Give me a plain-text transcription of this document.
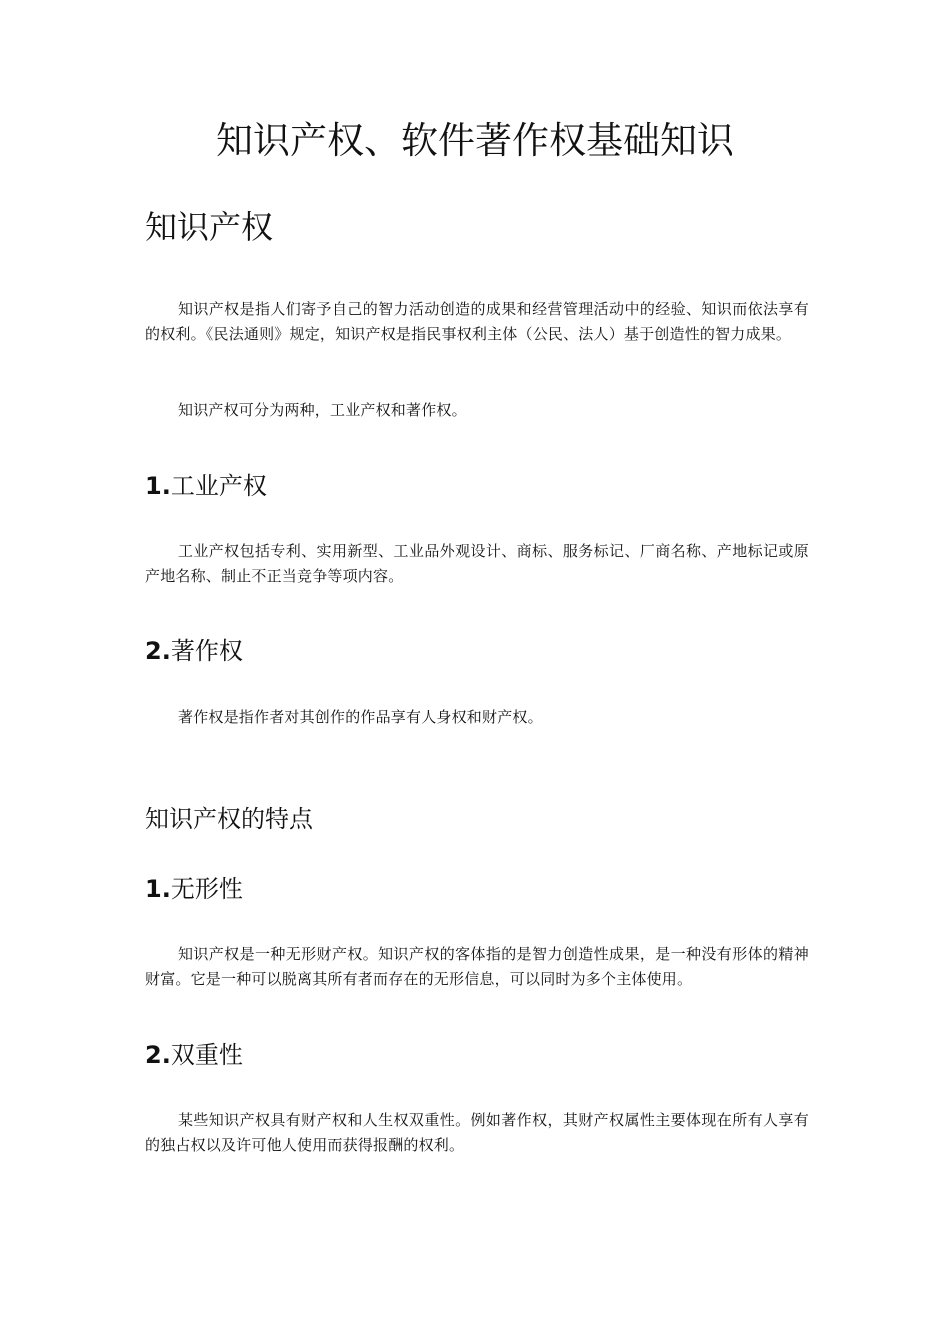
知识产权、软件著作权基础知识
知识产权

知识产权是指人们寄予自己的智力活动创造的成果和经营管理活动中的经验、知识而依法享有的权利。《民法通则》规定，知识产权是指民事权利主体（公民、法人）基于创造性的智力成果。

知识产权可分为两种，工业产权和著作权。

1.工业产权

工业产权包括专利、实用新型、工业品外观设计、商标、服务标记、厂商名称、产地标记或原产地名称、制止不正当竞争等项内容。

2.著作权

著作权是指作者对其创作的作品享有人身权和财产权。

知识产权的特点
1.无形性

知识产权是一种无形财产权。知识产权的客体指的是智力创造性成果，是一种没有形体的精神财富。它是一种可以脱离其所有者而存在的无形信息，可以同时为多个主体使用。

2.双重性

某些知识产权具有财产权和人生权双重性。例如著作权，其财产权属性主要体现在所有人享有的独占权以及许可他人使用而获得报酬的权利。
